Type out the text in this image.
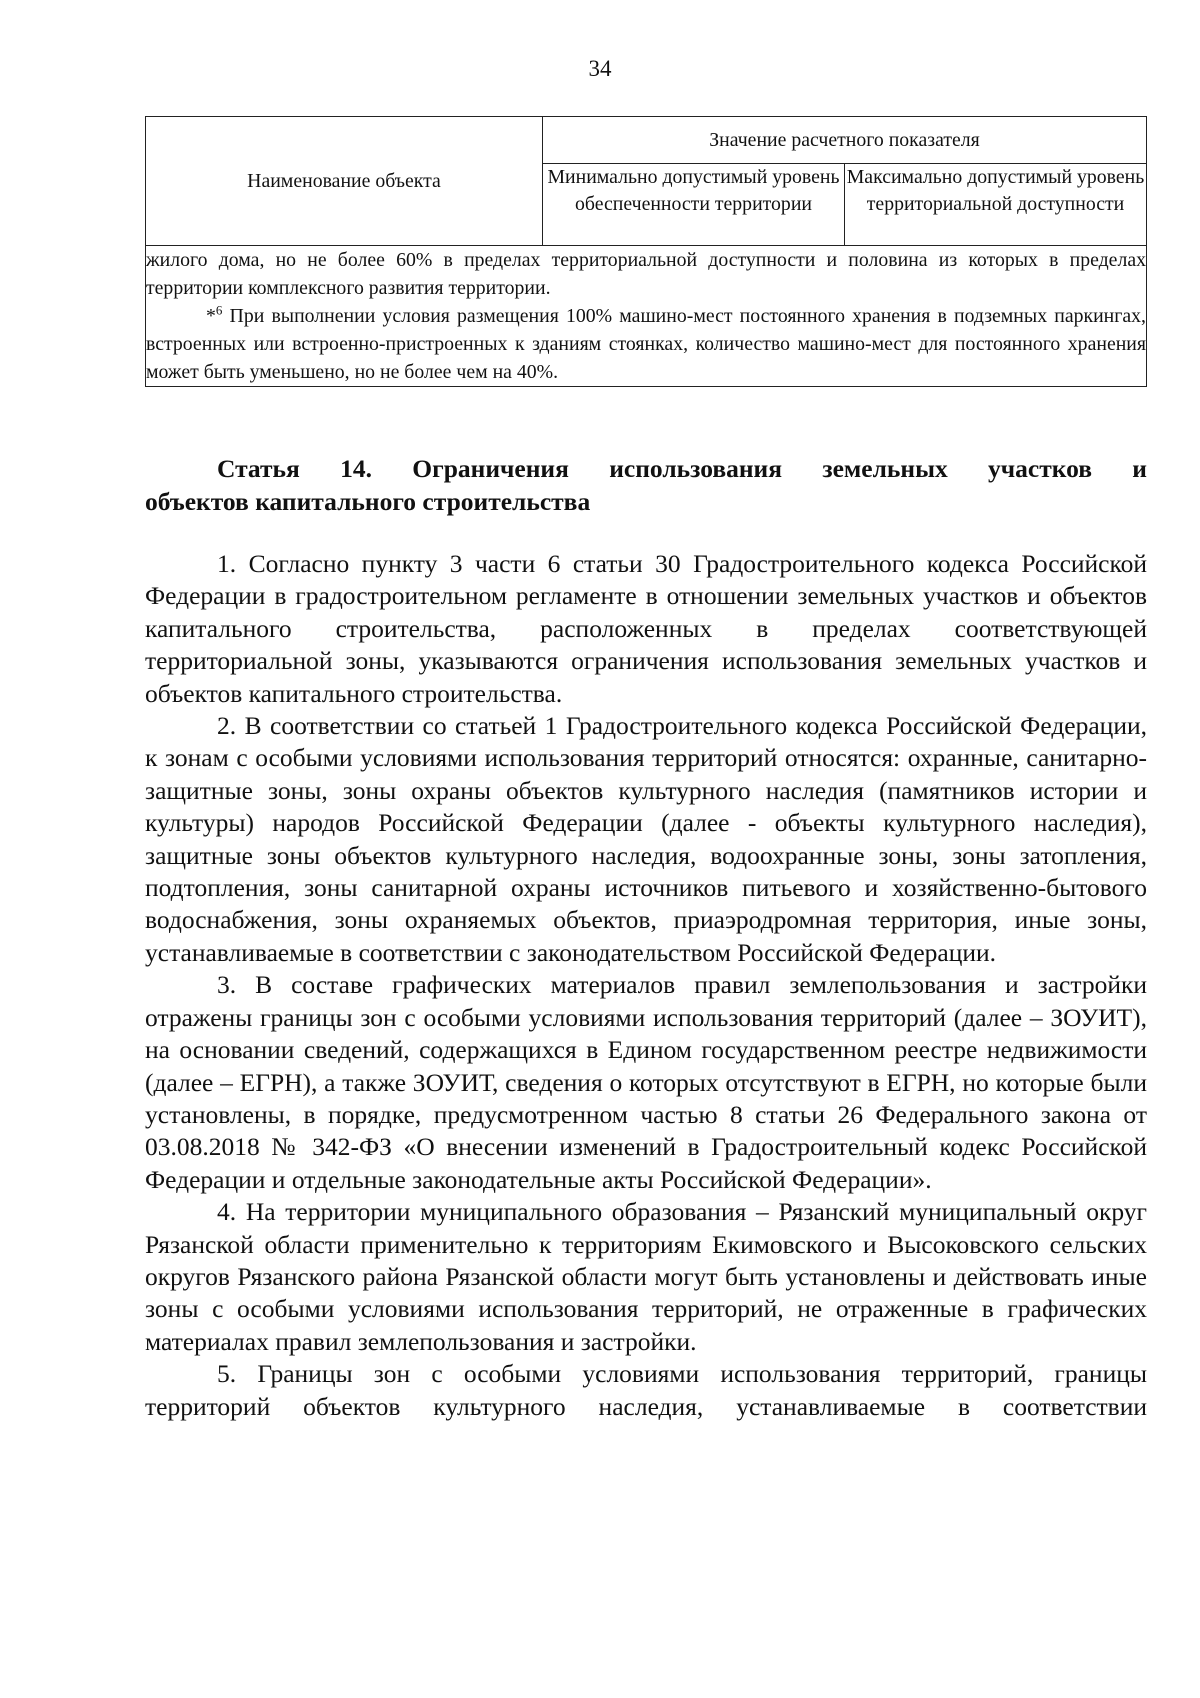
34
Наименование объекта	Значение расчетного показателя	
	Минимально допустимый уровень обеспеченности территории	Максимально допустимый уровень территориальной доступности

жилого дома, но не более 60% в пределах территориальной доступности и половина из которых в пределах территории комплексного развития территории.

*$^6$ При выполнении условия размещения 100% машино-мест постоянного хранения в подземных паркингах, встроенных или встроенно-пристроенных к зданиям стоянках, количество машино-мест для постоянного хранения может быть уменьшено, но не более чем на 40%.		

Статья 14. Ограничения использования земельных участков и

объектов капитального строительства

1. Согласно пункту 3 части 6 статьи 30 Градостроительного кодекса Российской Федерации в градостроительном регламенте в отношении земельных участков и объектов капитального строительства, расположенных в пределах соответствующей территориальной зоны, указываются ограничения использования земельных участков и объектов капитального строительства.

2. В соответствии со статьей 1 Градостроительного кодекса Российской Федерации, к зонам с особыми условиями использования территорий относятся: охранные, санитарно-защитные зоны, зоны охраны объектов культурного наследия (памятников истории и культуры) народов Российской Федерации (далее - объекты культурного наследия), защитные зоны объектов культурного наследия, водоохранные зоны, зоны затопления, подтопления, зоны санитарной охраны источников питьевого и хозяйственно-бытового водоснабжения, зоны охраняемых объектов, приаэродромная территория, иные зоны, устанавливаемые в соответствии с законодательством Российской Федерации.

3. В составе графических материалов правил землепользования и застройки отражены границы зон с особыми условиями использования территорий (далее – ЗОУИТ), на основании сведений, содержащихся в Едином государственном реестре недвижимости (далее – ЕГРН), а также ЗОУИТ, сведения о которых отсутствуют в ЕГРН, но которые были установлены, в порядке, предусмотренном частью 8 статьи 26 Федерального закона от 03.08.2018 № 342-ФЗ «О внесении изменений в Градостроительный кодекс Российской Федерации и отдельные законодательные акты Российской Федерации».

4. На территории муниципального образования – Рязанский муниципальный округ Рязанской области применительно к территориям Екимовского и Высоковского сельских округов Рязанского района Рязанской области могут быть установлены и действовать иные зоны с особыми условиями использования территорий, не отраженные в графических материалах правил землепользования и застройки.

5. Границы зон с особыми условиями использования территорий, границы территорий объектов культурного наследия, устанавливаемые в соответствии
